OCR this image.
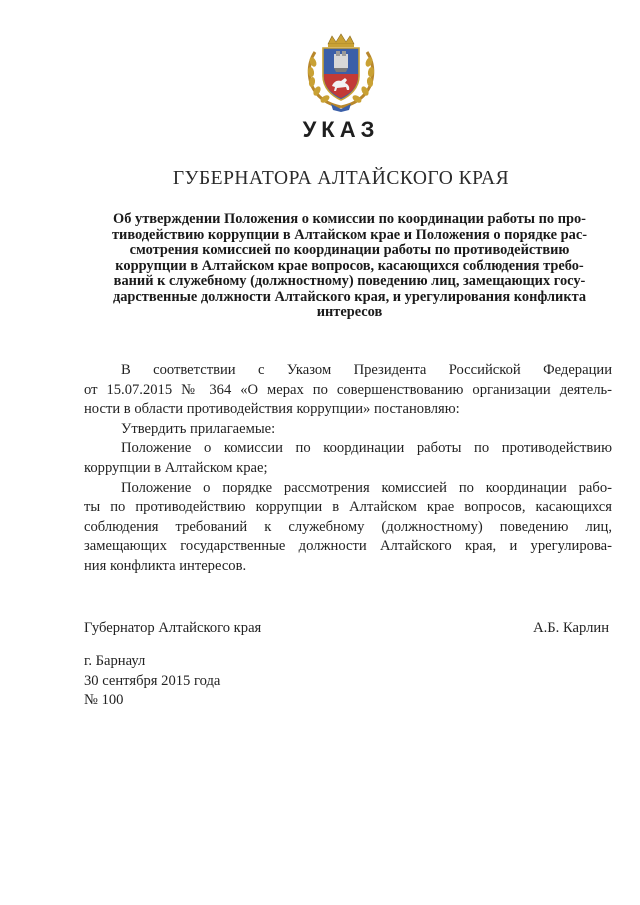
УКАЗ
ГУБЕРНАТОРА АЛТАЙСКОГО КРАЯ
Об утверждении Положения о комиссии по координации работы по про-
тиводействию коррупции в Алтайском крае и Положения о порядке рас-
смотрения комиссией по координации работы по противодействию
коррупции в Алтайском крае вопросов, касающихся соблюдения требо-
ваний к служебному (должностному) поведению лиц, замещающих госу-
дарственные должности Алтайского края, и урегулирования конфликта
интересов
В соответствии с Указом Президента Российской Федерации
от 15.07.2015 № 364 «О мерах по совершенствованию организации деятель-
ности в области противодействия коррупции» постановляю:
Утвердить прилагаемые:
Положение о комиссии по координации работы по противодействию
коррупции в Алтайском крае;
Положение о порядке рассмотрения комиссией по координации рабо-
ты по противодействию коррупции в Алтайском крае вопросов, касающихся
соблюдения требований к служебному (должностному) поведению лиц,
замещающих государственные должности Алтайского края, и урегулирова-
ния конфликта интересов.
Губернатор Алтайского края	А.Б. Карлин
г. Барнаул
30 сентября 2015 года
№ 100
